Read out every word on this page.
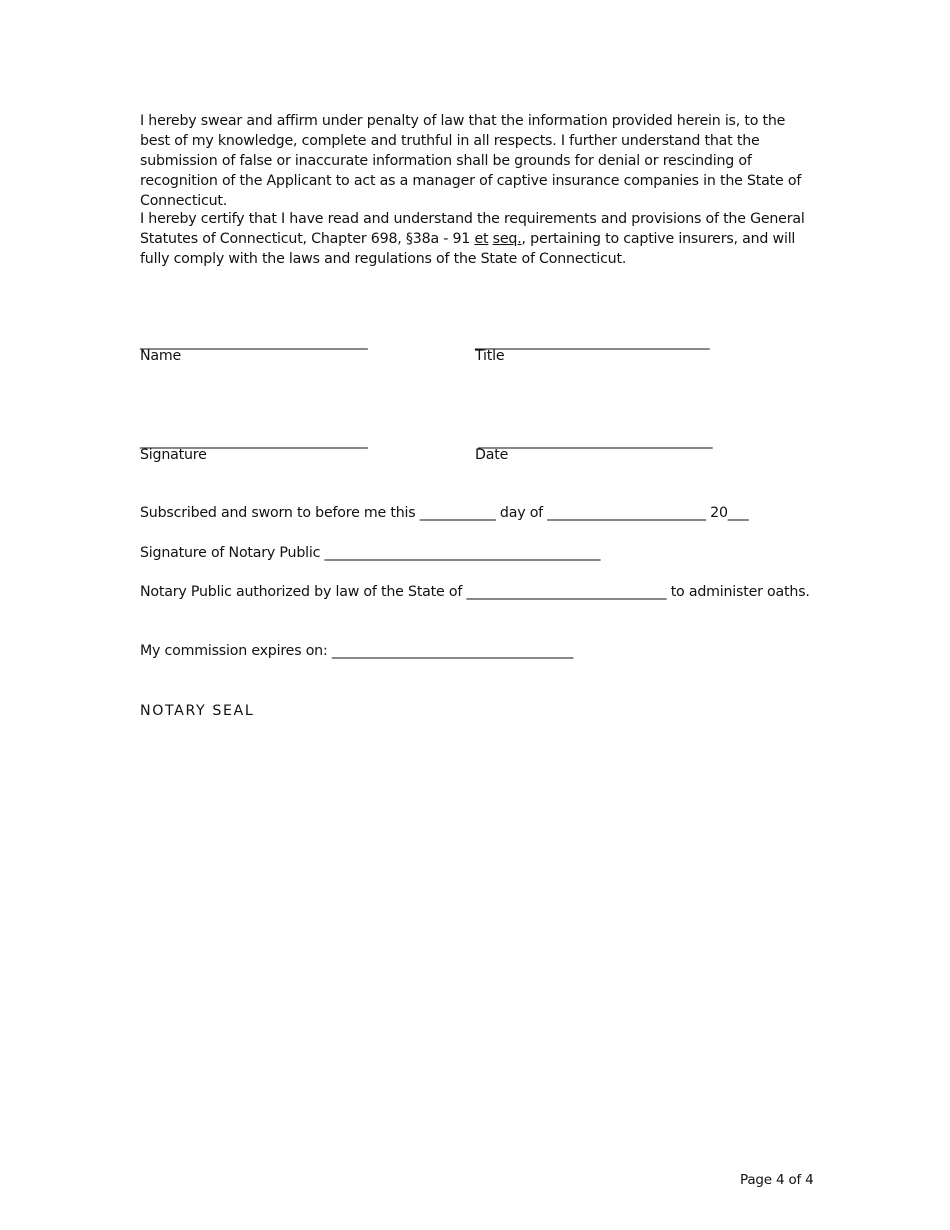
I hereby swear and affirm under penalty of law that the information provided herein is, to the best of my knowledge, complete and truthful in all respects. I further understand that the submission of false or inaccurate information shall be grounds for denial or rescinding of recognition of the Applicant to act as a manager of captive insurance companies in the State of Connecticut.

I hereby certify that I have read and understand the requirements and provisions of the General Statutes of Connecticut, Chapter 698, §38a - 91 et seq., pertaining to captive insurers, and will fully comply with the laws and regulations of the State of Connecticut.

_________________________________
Name
__________________________________
Title
_________________________________
Signature
__________________________________
Date
Subscribed and sworn to before me this ___________ day of _______________________ 20___
Signature of Notary Public ________________________________________

Notary Public authorized by law of the State of _____________________________ to administer oaths.

My commission expires on: ___________________________________
NOTARY SEAL
Page 4 of 4
